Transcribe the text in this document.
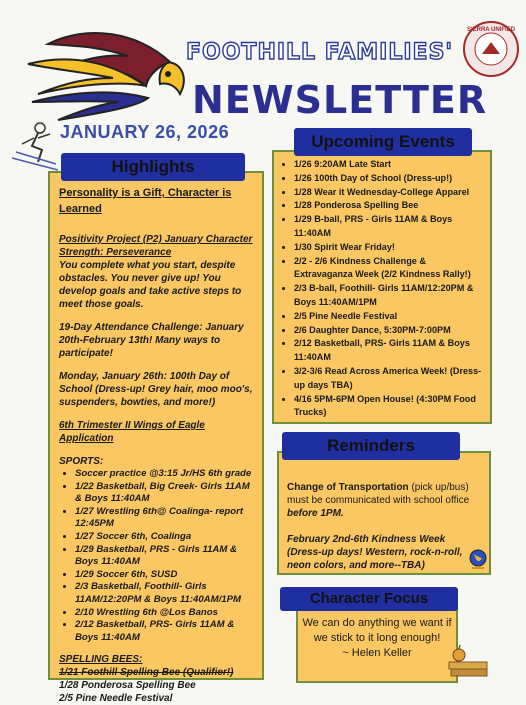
SIERRA UNIFIED
FOOTHILL FAMILIES'
NEWSLETTER
JANUARY 26, 2026

Personality is a Gift, Character is Learned

Positivity Project (P2) January Character Strength: Perseverance

You complete what you start, despite obstacles. You never give up! You develop goals and take active steps to meet those goals.

19-Day Attendance Challenge: January 20th-February 13th! Many ways to participate!

Monday, January 26th: 100th Day of School (Dress-up! Grey hair, moo moo's, suspenders, bowties, and more!)

6th Trimester II Wings of Eagle Application

SPORTS:

• Soccer practice @3:15 Jr/HS 6th grade
• 1/22 Basketball, Big Creek- Girls 11AM & Boys 11:40AM
• 1/27 Wrestling 6th@ Coalinga- report 12:45PM
• 1/27 Soccer 6th, Coalinga
• 1/29 Basketball, PRS - Girls 11AM & Boys 11:40AM
• 1/29 Soccer 6th, SUSD
• 2/3 Basketball, Foothill- Girls 11AM/12:20PM & Boys 11:40AM/1PM
• 2/10 Wrestling 6th @Los Banos
• 2/12 Basketball, PRS- Girls 11AM & Boys 11:40AM

SPELLING BEES:

1/21 Foothill Spelling Bee (Qualifier!)

1/28 Ponderosa Spelling Bee

2/5 Pine Needle Festival

Highlights
•	1/26 9:20AM Late Start
• 1/26 100th Day of School (Dress-up!)
• 1/28 Wear it Wednesday-College Apparel
• 1/28 Ponderosa Spelling Bee
• 1/29 B-ball, PRS - Girls 11AM & Boys 11:40AM
• 1/30 Spirit Wear Friday!
• 2/2 - 2/6 Kindness Challenge & Extravaganza Week (2/2 Kindness Rally!)
• 2/3 B-ball, Foothill- Girls 11AM/12:20PM & Boys 11:40AM/1PM
• 2/5 Pine Needle Festival
• 2/6 Daughter Dance, 5:30PM-7:00PM
• 2/12 Basketball, PRS- Girls 11AM & Boys 11:40AM
• 3/2-3/6 Read Across America Week! (Dress-up days TBA)
• 4/16 5PM-6PM Open House! (4:30PM Food Trucks)
Upcoming Events

Change of Transportation (pick up/bus) must be communicated with school office before 1PM.

February 2nd-6th Kindness Week (Dress-up days! Western, rock-n-roll, neon colors, and more--TBA)

Reminders
We can do anything we want if we stick to it long enough!
~ Helen Keller
Character Focus
